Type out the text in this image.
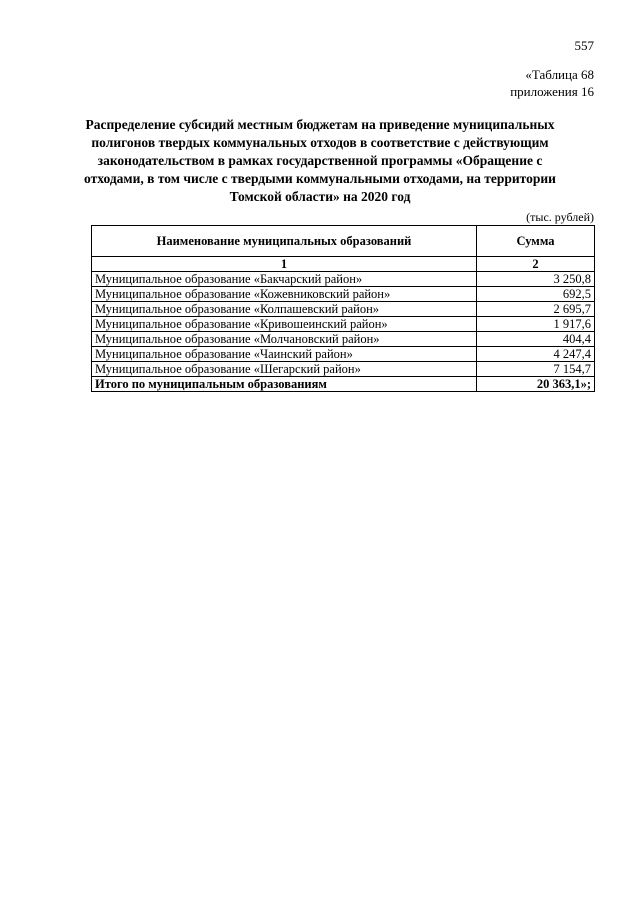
557
«Таблица 68
приложения 16
Распределение субсидий местным бюджетам на приведение муниципальных
полигонов твердых коммунальных отходов в соответствие с действующим
законодательством в рамках государственной программы «Обращение с
отходами, в том числе с твердыми коммунальными отходами, на территории
Томской области» на 2020 год
(тыс. рублей)
Наименование муниципальных образований	Сумма
1	2
Муниципальное образование «Бакчарский район»	3 250,8
Муниципальное образование «Кожевниковский район»	692,5
Муниципальное образование «Колпашевский район»	2 695,7
Муниципальное образование «Кривошеинский район»	1 917,6
Муниципальное образование «Молчановский район»	404,4
Муниципальное образование «Чаинский район»	4 247,4
Муниципальное образование «Шегарский район»	7 154,7
Итого по муниципальным образованиям	20 363,1»;
